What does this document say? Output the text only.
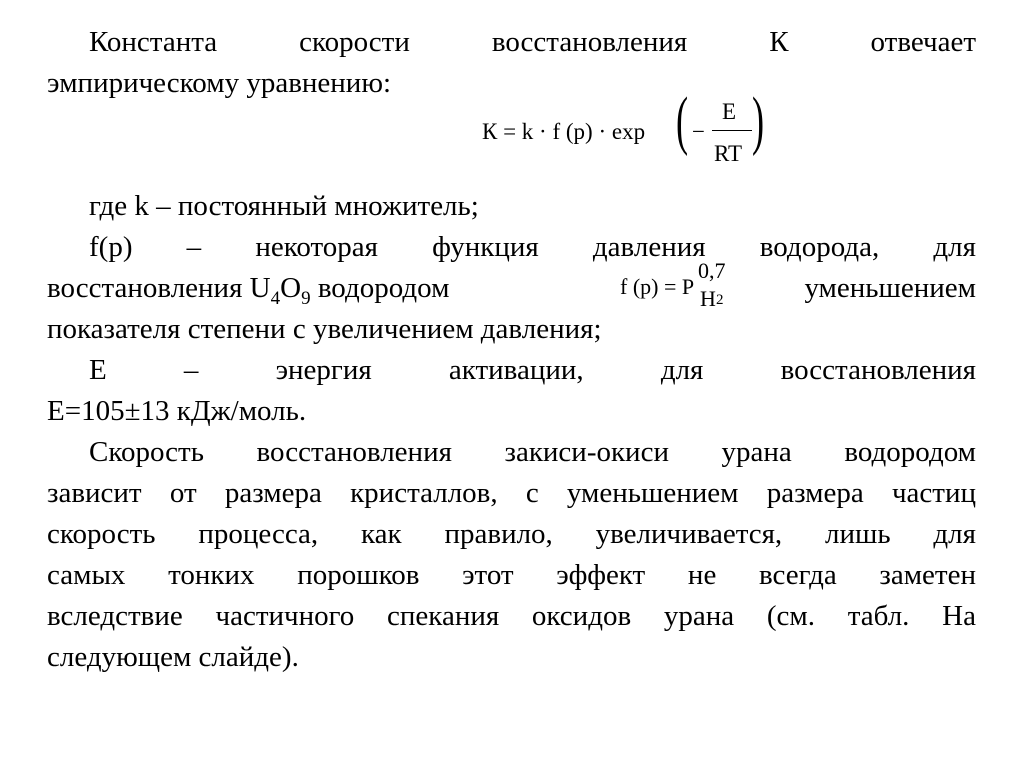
Константа скорости восстановления К отвечает
эмпирическому уравнению:
К = k · f (p) · exp ( −
E
RT )
где k – постоянный множитель;
f(p) – некоторая функция давления водорода, для
восстановления $U_4O_9$ водородом	уменьшением
f (p) = P
0,7
H 2
показателя степени с увеличением давления;
E – энергия активации, для восстановления
E=105±13 кДж/моль.
Скорость восстановления закиси-окиси урана водородом
зависит от размера кристаллов, с уменьшением размера частиц
скорость процесса, как правило, увеличивается, лишь для
самых тонких порошков этот эффект не всегда заметен
вследствие частичного спекания оксидов урана (см. табл. На
следующем слайде).
